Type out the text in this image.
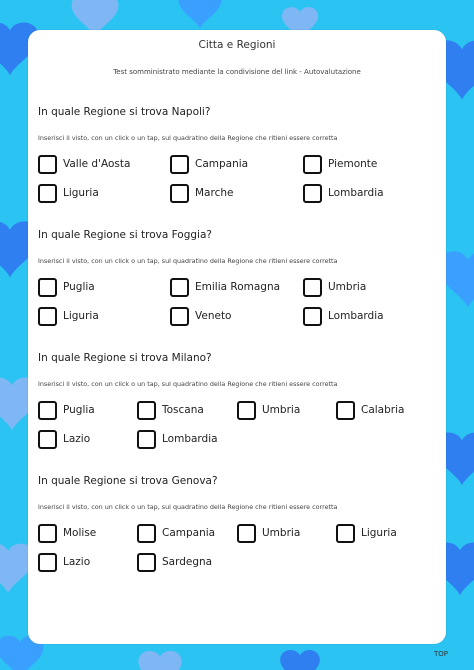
Citta e Regioni
Test somministrato mediante la condivisione del link - Autovalutazione
In quale Regione si trova Napoli?
Inserisci il visto, con un click o un tap, sul quadratino della Regione che ritieni essere corretta
Valle d'Aosta	Campania	Piemonte
Liguria	Marche	Lombardia
In quale Regione si trova Foggia?
Inserisci il visto, con un click o un tap, sul quadratino della Regione che ritieni essere corretta
Puglia	Emilia Romagna	Umbria
Liguria	Veneto	Lombardia
In quale Regione si trova Milano?
Inserisci il visto, con un click o un tap, sul quadratino della Regione che ritieni essere corretta
Puglia	Toscana	Umbria	Calabria
Lazio	Lombardia
In quale Regione si trova Genova?
Inserisci il visto, con un click o un tap, sul quadratino della Regione che ritieni essere corretta
Molise	Campania	Umbria	Liguria
Lazio	Sardegna
TOP
